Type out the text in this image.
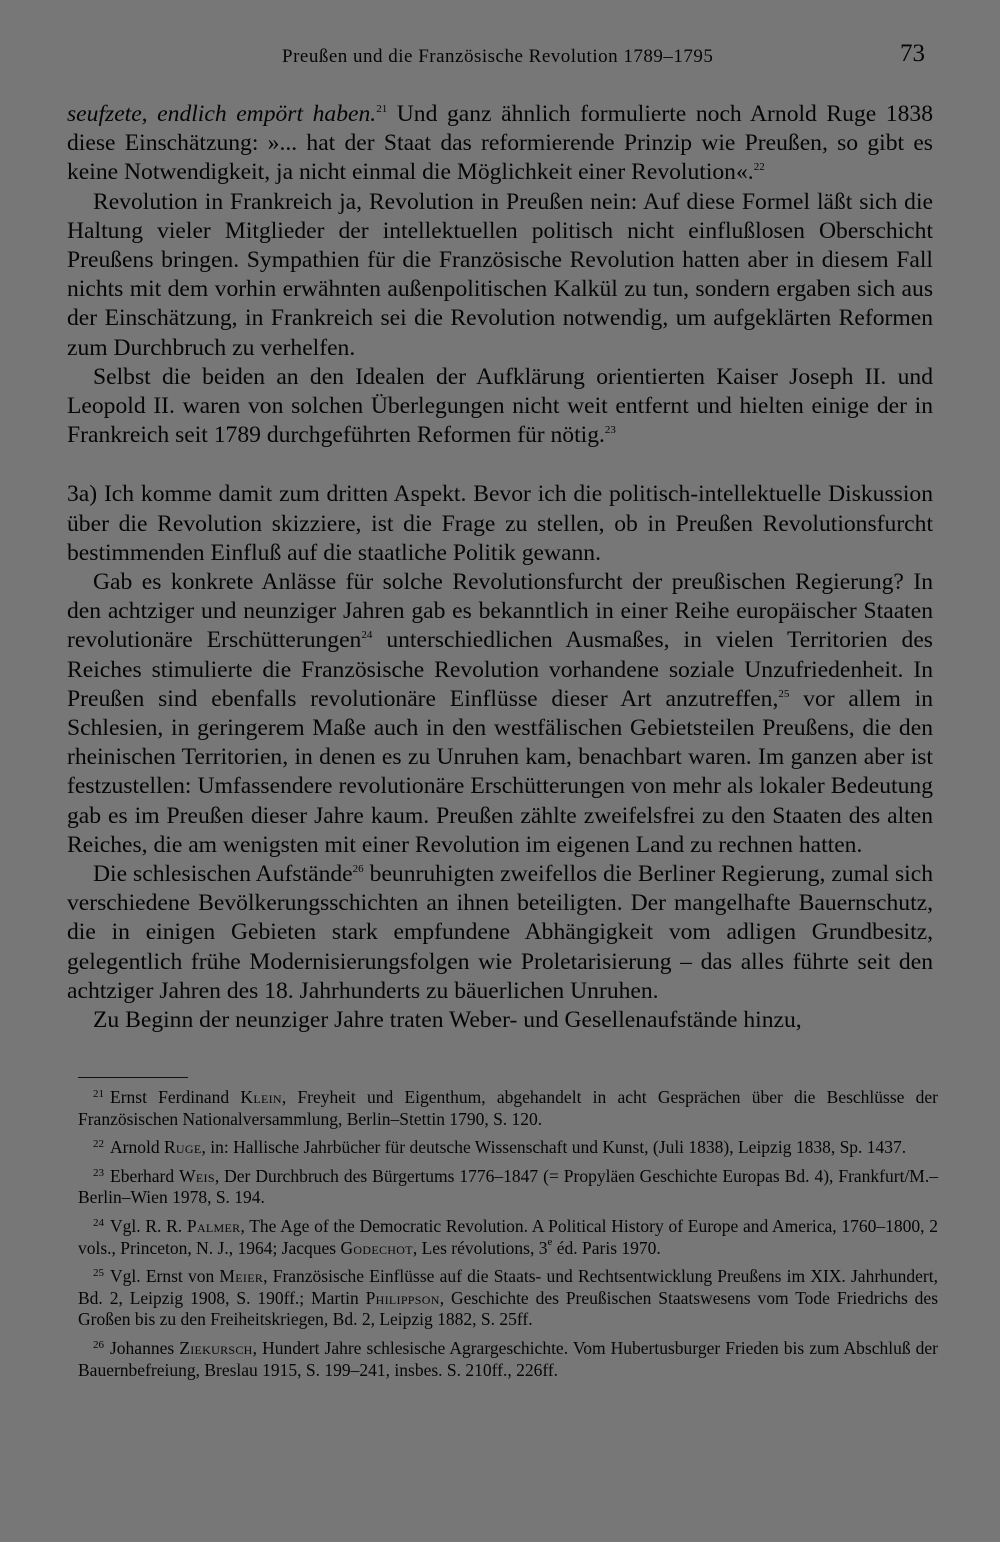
Preußen und die Französische Revolution 1789–1795	73

seufzete, endlich empört haben.$^{21}$ Und ganz ähnlich formulierte noch Arnold Ruge 1838 diese Einschätzung: »... hat der Staat das reformierende Prinzip wie Preußen, so gibt es keine Notwendigkeit, ja nicht einmal die Möglichkeit einer Revolution«.$^{22}$

Revolution in Frankreich ja, Revolution in Preußen nein: Auf diese Formel läßt sich die Haltung vieler Mitglieder der intellektuellen politisch nicht einflußlosen Oberschicht Preußens bringen. Sympathien für die Französische Revolution hatten aber in diesem Fall nichts mit dem vorhin erwähnten außenpolitischen Kalkül zu tun, sondern ergaben sich aus der Einschätzung, in Frankreich sei die Revolution notwendig, um aufgeklärten Reformen zum Durchbruch zu verhelfen.

Selbst die beiden an den Idealen der Aufklärung orientierten Kaiser Joseph II. und Leopold II. waren von solchen Überlegungen nicht weit entfernt und hielten einige der in Frankreich seit 1789 durchgeführten Reformen für nötig.$^{23}$

3a) Ich komme damit zum dritten Aspekt. Bevor ich die politisch-intellektuelle Diskussion über die Revolution skizziere, ist die Frage zu stellen, ob in Preußen Revolutionsfurcht bestimmenden Einfluß auf die staatliche Politik gewann.

Gab es konkrete Anlässe für solche Revolutionsfurcht der preußischen Regierung? In den achtziger und neunziger Jahren gab es bekanntlich in einer Reihe europäischer Staaten revolutionäre Erschütterungen$^{24}$ unterschiedlichen Ausmaßes, in vielen Territorien des Reiches stimulierte die Französische Revolution vorhandene soziale Unzufriedenheit. In Preußen sind ebenfalls revolutionäre Einflüsse dieser Art anzutreffen,$^{25}$ vor allem in Schlesien, in geringerem Maße auch in den westfälischen Gebietsteilen Preußens, die den rheinischen Territorien, in denen es zu Unruhen kam, benachbart waren. Im ganzen aber ist festzustellen: Umfassendere revolutionäre Erschütterungen von mehr als lokaler Bedeutung gab es im Preußen dieser Jahre kaum. Preußen zählte zweifelsfrei zu den Staaten des alten Reiches, die am wenigsten mit einer Revolution im eigenen Land zu rechnen hatten.

Die schlesischen Aufstände$^{26}$ beunruhigten zweifellos die Berliner Regierung, zumal sich verschiedene Bevölkerungsschichten an ihnen beteiligten. Der mangelhafte Bauernschutz, die in einigen Gebieten stark empfundene Abhängigkeit vom adligen Grundbesitz, gelegentlich frühe Modernisierungsfolgen wie Proletarisierung – das alles führte seit den achtziger Jahren des 18. Jahrhunderts zu bäuerlichen Unruhen.

Zu Beginn der neunziger Jahre traten Weber- und Gesellenaufstände hinzu,

$^{21}$ Ernst Ferdinand Klein, Freyheit und Eigenthum, abgehandelt in acht Gesprächen über die Beschlüsse der Französischen Nationalversammlung, Berlin–Stettin 1790, S. 120.

$^{22}$ Arnold Ruge, in: Hallische Jahrbücher für deutsche Wissenschaft und Kunst, (Juli 1838), Leipzig 1838, Sp. 1437.

$^{23}$ Eberhard Weis, Der Durchbruch des Bürgertums 1776–1847 (= Propyläen Geschichte Europas Bd. 4), Frankfurt/M.–Berlin–Wien 1978, S. 194.

$^{24}$ Vgl. R. R. Palmer, The Age of the Democratic Revolution. A Political History of Europe and America, 1760–1800, 2 vols., Princeton, N. J., 1964; Jacques Godechot, Les révolutions, 3e éd. Paris 1970.

$^{25}$ Vgl. Ernst von Meier, Französische Einflüsse auf die Staats- und Rechtsentwicklung Preußens im XIX. Jahrhundert, Bd. 2, Leipzig 1908, S. 190ff.; Martin Philippson, Geschichte des Preußischen Staatswesens vom Tode Friedrichs des Großen bis zu den Freiheitskriegen, Bd. 2, Leipzig 1882, S. 25ff.

$^{26}$ Johannes Ziekursch, Hundert Jahre schlesische Agrargeschichte. Vom Hubertusburger Frieden bis zum Abschluß der Bauernbefreiung, Breslau 1915, S. 199–241, insbes. S. 210ff., 226ff.
